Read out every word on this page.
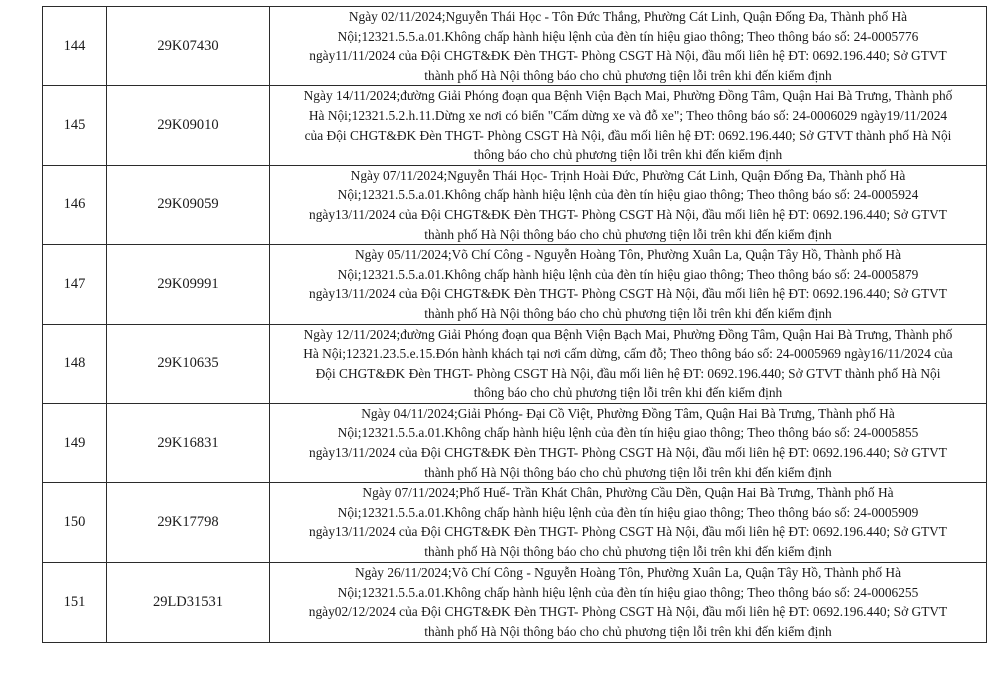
144	29K07430	Ngày 02/11/2024;Nguyễn Thái Học - Tôn Đức Thắng, Phường Cát Linh, Quận Đống Đa, Thành phố Hà
Nội;12321.5.5.a.01.Không chấp hành hiệu lệnh của đèn tín hiệu giao thông; Theo thông báo số: 24-0005776
ngày11/11/2024 của Đội CHGT&ĐK Đèn THGT- Phòng CSGT Hà Nội, đầu mối liên hệ ĐT: 0692.196.440; Sở GTVT
thành phố Hà Nội thông báo cho chủ phương tiện lỗi trên khi đến kiểm định

145	29K09010	Ngày 14/11/2024;đường Giải Phóng đoạn qua Bệnh Viện Bạch Mai, Phường Đồng Tâm, Quận Hai Bà Trưng, Thành phố
Hà Nội;12321.5.2.h.11.Dừng xe nơi có biển "Cấm dừng xe và đỗ xe"; Theo thông báo số: 24-0006029 ngày19/11/2024
của Đội CHGT&ĐK Đèn THGT- Phòng CSGT Hà Nội, đầu mối liên hệ ĐT: 0692.196.440; Sở GTVT thành phố Hà Nội
thông báo cho chủ phương tiện lỗi trên khi đến kiểm định

146	29K09059	Ngày 07/11/2024;Nguyễn Thái Học- Trịnh Hoài Đức, Phường Cát Linh, Quận Đống Đa, Thành phố Hà
Nội;12321.5.5.a.01.Không chấp hành hiệu lệnh của đèn tín hiệu giao thông; Theo thông báo số: 24-0005924
ngày13/11/2024 của Đội CHGT&ĐK Đèn THGT- Phòng CSGT Hà Nội, đầu mối liên hệ ĐT: 0692.196.440; Sở GTVT
thành phố Hà Nội thông báo cho chủ phương tiện lỗi trên khi đến kiểm định

147	29K09991	Ngày 05/11/2024;Võ Chí Công - Nguyễn Hoàng Tôn, Phường Xuân La, Quận Tây Hồ, Thành phố Hà
Nội;12321.5.5.a.01.Không chấp hành hiệu lệnh của đèn tín hiệu giao thông; Theo thông báo số: 24-0005879
ngày13/11/2024 của Đội CHGT&ĐK Đèn THGT- Phòng CSGT Hà Nội, đầu mối liên hệ ĐT: 0692.196.440; Sở GTVT
thành phố Hà Nội thông báo cho chủ phương tiện lỗi trên khi đến kiểm định

148	29K10635	Ngày 12/11/2024;đường Giải Phóng đoạn qua Bệnh Viện Bạch Mai, Phường Đồng Tâm, Quận Hai Bà Trưng, Thành phố
Hà Nội;12321.23.5.e.15.Đón hành khách tại nơi cấm dừng, cấm đỗ; Theo thông báo số: 24-0005969 ngày16/11/2024 của
Đội CHGT&ĐK Đèn THGT- Phòng CSGT Hà Nội, đầu mối liên hệ ĐT: 0692.196.440; Sở GTVT thành phố Hà Nội
thông báo cho chủ phương tiện lỗi trên khi đến kiểm định

149	29K16831	Ngày 04/11/2024;Giải Phóng- Đại Cồ Việt, Phường Đồng Tâm, Quận Hai Bà Trưng, Thành phố Hà
Nội;12321.5.5.a.01.Không chấp hành hiệu lệnh của đèn tín hiệu giao thông; Theo thông báo số: 24-0005855
ngày13/11/2024 của Đội CHGT&ĐK Đèn THGT- Phòng CSGT Hà Nội, đầu mối liên hệ ĐT: 0692.196.440; Sở GTVT
thành phố Hà Nội thông báo cho chủ phương tiện lỗi trên khi đến kiểm định

150	29K17798	Ngày 07/11/2024;Phố Huế- Trần Khát Chân, Phường Cầu Dền, Quận Hai Bà Trưng, Thành phố Hà
Nội;12321.5.5.a.01.Không chấp hành hiệu lệnh của đèn tín hiệu giao thông; Theo thông báo số: 24-0005909
ngày13/11/2024 của Đội CHGT&ĐK Đèn THGT- Phòng CSGT Hà Nội, đầu mối liên hệ ĐT: 0692.196.440; Sở GTVT
thành phố Hà Nội thông báo cho chủ phương tiện lỗi trên khi đến kiểm định

151	29LD31531	Ngày 26/11/2024;Võ Chí Công - Nguyễn Hoàng Tôn, Phường Xuân La, Quận Tây Hồ, Thành phố Hà
Nội;12321.5.5.a.01.Không chấp hành hiệu lệnh của đèn tín hiệu giao thông; Theo thông báo số: 24-0006255
ngày02/12/2024 của Đội CHGT&ĐK Đèn THGT- Phòng CSGT Hà Nội, đầu mối liên hệ ĐT: 0692.196.440; Sở GTVT
thành phố Hà Nội thông báo cho chủ phương tiện lỗi trên khi đến kiểm định
